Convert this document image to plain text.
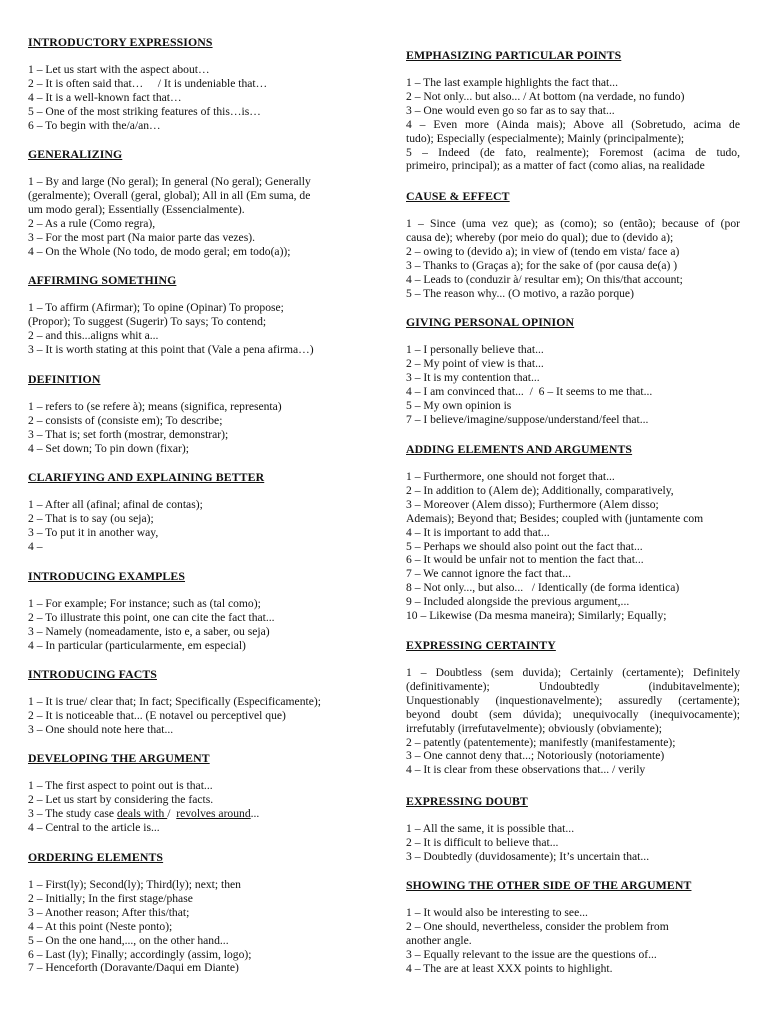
INTRODUCTORY EXPRESSIONS
1 – Let us start with the aspect about…
2 – It is often said that…     / It is undeniable that…
4 – It is a well-known fact that…
5 – One of the most striking features of this…is…
6 – To begin with the/a/an…
GENERALIZING
1 – By and large (No geral); In general (No geral); Generally
(geralmente); Overall (geral, global); All in all (Em suma, de
um modo geral); Essentially (Essencialmente).
2 – As a rule (Como regra),
3 – For the most part (Na maior parte das vezes).
4 – On the Whole (No todo, de modo geral; em todo(a));
AFFIRMING SOMETHING
1 – To affirm (Afirmar); To opine (Opinar) To propose;
(Propor); To suggest (Sugerir) To says; To contend;
2 – and this...aligns whit a...
3 – It is worth stating at this point that (Vale a pena afirma…)
DEFINITION
1 – refers to (se refere à); means (significa, representa)
2 – consists of (consiste em); To describe;
3 – That is; set forth (mostrar, demonstrar);
4 – Set down; To pin down (fixar);
CLARIFYING AND EXPLAINING BETTER
1 – After all (afinal; afinal de contas);
2 – That is to say (ou seja);
3 – To put it in another way,
4 –
INTRODUCING EXAMPLES
1 – For example; For instance; such as (tal como);
2 – To illustrate this point, one can cite the fact that...
3 – Namely (nomeadamente, isto e, a saber, ou seja)
4 – In particular (particularmente, em especial)
INTRODUCING FACTS
1 – It is true/ clear that; In fact; Specifically (Especificamente);
2 – It is noticeable that... (E notavel ou perceptivel que)
3 – One should note here that...
DEVELOPING THE ARGUMENT
1 – The first aspect to point out is that...
2 – Let us start by considering the facts.
3 – The study case deals with /  revolves around...
4 – Central to the article is...
ORDERING ELEMENTS
1 – First(ly); Second(ly); Third(ly); next; then
2 – Initially; In the first stage/phase
3 – Another reason; After this/that;
4 – At this point (Neste ponto);
5 – On the one hand,..., on the other hand...
6 – Last (ly); Finally; accordingly (assim, logo);
7 – Henceforth (Doravante/Daqui em Diante)
EMPHASIZING PARTICULAR POINTS
1 – The last example highlights the fact that...
2 – Not only... but also... / At bottom (na verdade, no fundo)
3 – One would even go so far as to say that...
4 – Even more (Ainda mais); Above all (Sobretudo, acima de
tudo); Especially (especialmente); Mainly (principalmente);
5 – Indeed (de fato, realmente); Foremost (acima de tudo,
primeiro, principal); as a matter of fact (como alias, na realidade
CAUSE & EFFECT
1 – Since (uma vez que); as (como); so (então); because of (por
causa de); whereby (por meio do qual); due to (devido a);
2 – owing to (devido a); in view of (tendo em vista/ face a)
3 – Thanks to (Graças a); for the sake of (por causa de(a) )
4 – Leads to (conduzir à/ resultar em); On this/that account;
5 – The reason why... (O motivo, a razão porque)
GIVING PERSONAL OPINION
1 – I personally believe that...
2 – My point of view is that...
3 – It is my contention that...
4 – I am convinced that...  /  6 – It seems to me that...
5 – My own opinion is
7 – I believe/imagine/suppose/understand/feel that...
ADDING ELEMENTS AND ARGUMENTS
1 – Furthermore, one should not forget that...
2 – In addition to (Alem de); Additionally, comparatively,
3 – Moreover (Alem disso); Furthermore (Alem disso;
Ademais); Beyond that; Besides; coupled with (juntamente com
4 – It is important to add that...
5 – Perhaps we should also point out the fact that...
6 – It would be unfair not to mention the fact that...
7 – We cannot ignore the fact that...
8 – Not only..., but also...   / Identically (de forma identica)
9 – Included alongside the previous argument,...
10 – Likewise (Da mesma maneira); Similarly; Equally;
EXPRESSING CERTAINTY
1 – Doubtless (sem duvida); Certainly (certamente); Definitely
(definitivamente); Undoubtedly (indubitavelmente);
Unquestionably (inquestionavelmente); assuredly (certamente);
beyond doubt (sem dúvida); unequivocally (inequivocamente);
irrefutably (irrefutavelmente); obviously (obviamente);
2 – patently (patentemente); manifestly (manifestamente);
3 – One cannot deny that...; Notoriously (notoriamente)
4 – It is clear from these observations that... / verily
EXPRESSING DOUBT
1 – All the same, it is possible that...
2 – It is difficult to believe that...
3 – Doubtedly (duvidosamente); It’s uncertain that...
SHOWING THE OTHER SIDE OF THE ARGUMENT
1 – It would also be interesting to see...
2 – One should, nevertheless, consider the problem from
another angle.
3 – Equally relevant to the issue are the questions of...
4 – The are at least XXX points to highlight.
